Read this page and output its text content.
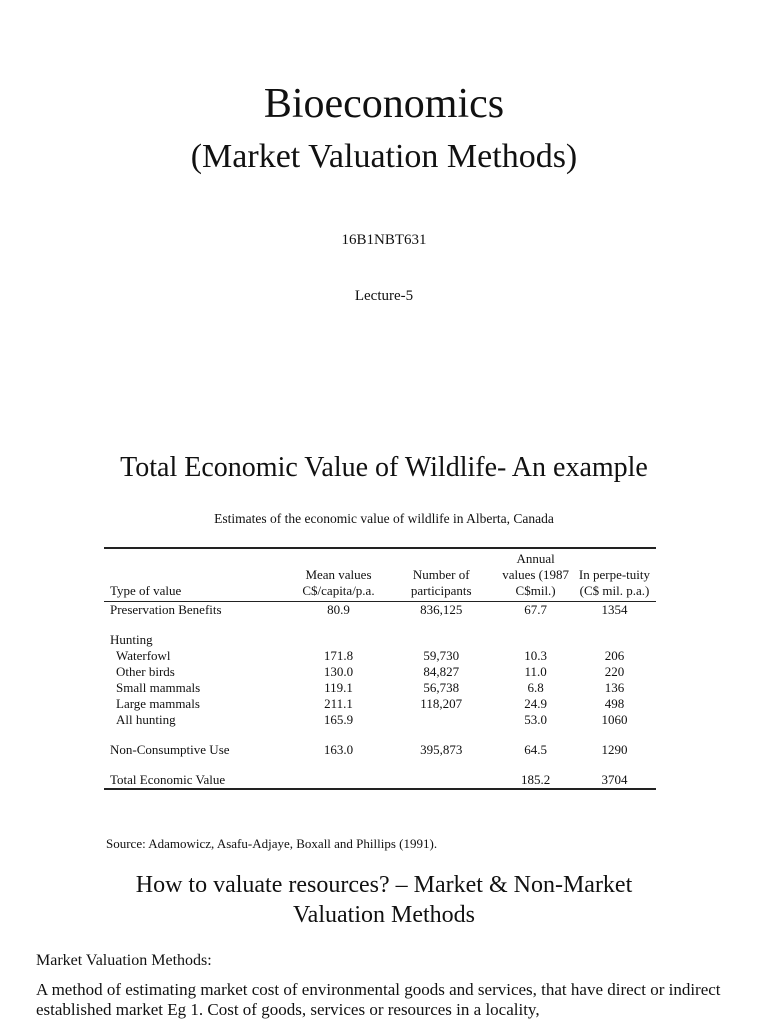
Bioeconomics
(Market Valuation Methods)
16B1NBT631
Lecture-5
Total Economic Value of Wildlife- An example
Estimates of the economic value of wildlife in Alberta, Canada
Type of value	Mean values C$/capita/p.a.	Number of participants	Annual values (1987 C$mil.)	In perpe-tuity (C$ mil. p.a.)
Preservation Benefits	80.9	836,125	67.7	1354

Hunting				
Waterfowl	171.8	59,730	10.3	206
Other birds	130.0	84,827	11.0	220
Small mammals	119.1	56,738	6.8	136
Large mammals	211.1	118,207	24.9	498
All hunting	165.9		53.0	1060

Non-Consumptive Use	163.0	395,873	64.5	1290

Total Economic Value			185.2	3704
Source: Adamowicz, Asafu-Adjaye, Boxall and Phillips (1991).
How to valuate resources? – Market & Non-Market
Valuation Methods
Market Valuation Methods:
A method of estimating market cost of environmental goods and services, that have direct or indirect established market Eg 1. Cost of goods, services or resources in a locality,
